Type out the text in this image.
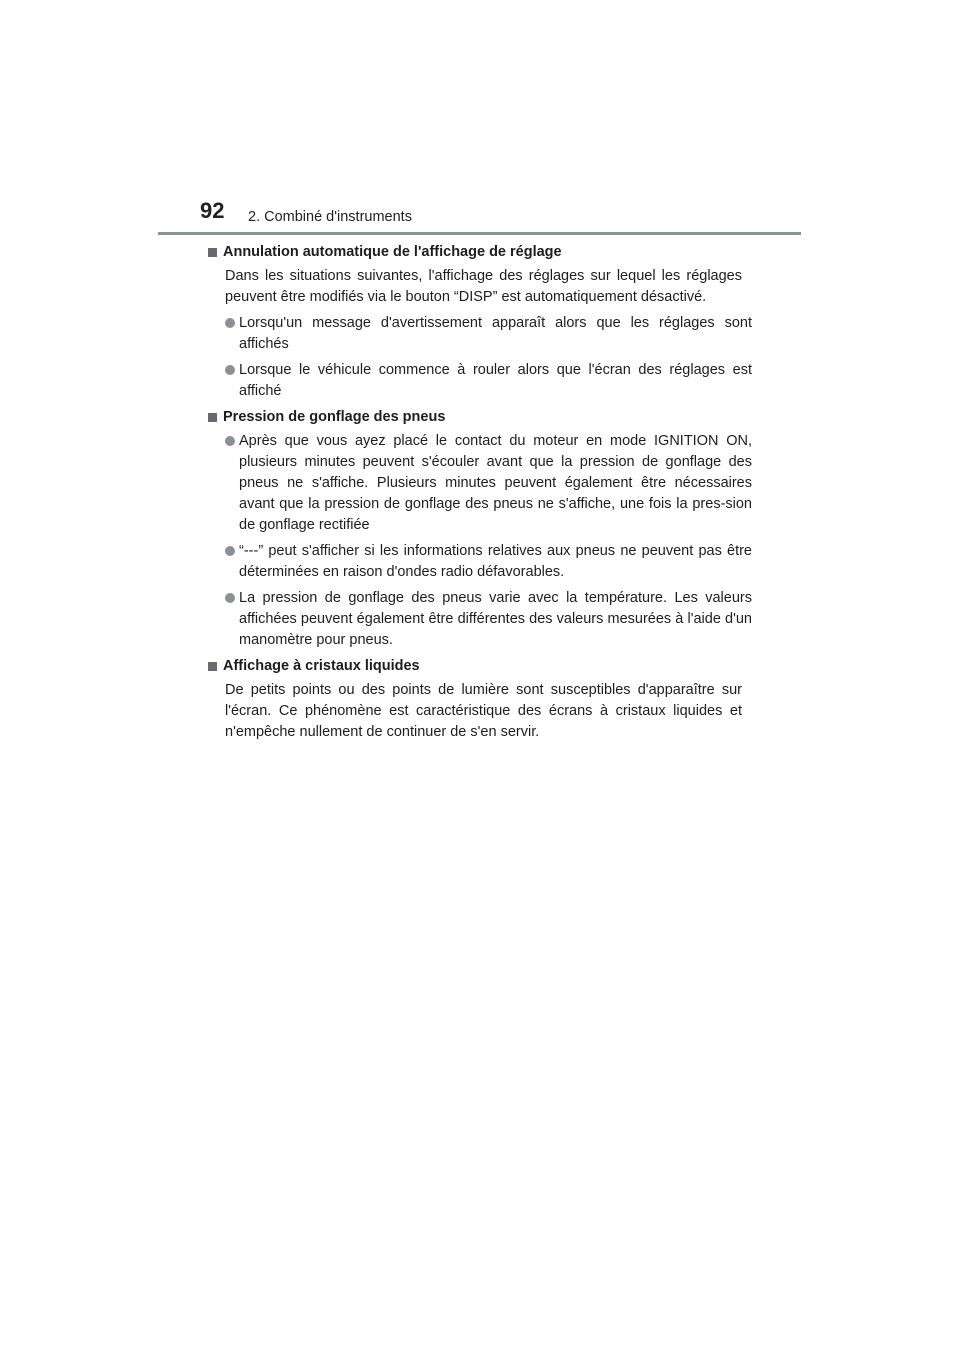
92 2. Combiné d'instruments
Annulation automatique de l'affichage de réglage

Dans les situations suivantes, l'affichage des réglages sur lequel les réglages peuvent être modifiés via le bouton “DISP” est automatiquement désactivé.

Lorsqu'un message d'avertissement apparaît alors que les réglages sont affichés
Lorsque le véhicule commence à rouler alors que l'écran des réglages est affiché
Pression de gonflage des pneus
Après que vous ayez placé le contact du moteur en mode IGNITION ON, plusieurs minutes peuvent s'écouler avant que la pression de gonflage des pneus ne s'affiche. Plusieurs minutes peuvent également être nécessaires avant que la pression de gonflage des pneus ne s'affiche, une fois la pres-sion de gonflage rectifiée
“---” peut s'afficher si les informations relatives aux pneus ne peuvent pas être déterminées en raison d'ondes radio défavorables.
La pression de gonflage des pneus varie avec la température. Les valeurs affichées peuvent également être différentes des valeurs mesurées à l'aide d'un manomètre pour pneus.
Affichage à cristaux liquides

De petits points ou des points de lumière sont susceptibles d'apparaître sur l'écran. Ce phénomène est caractéristique des écrans à cristaux liquides et n'empêche nullement de continuer de s'en servir.
